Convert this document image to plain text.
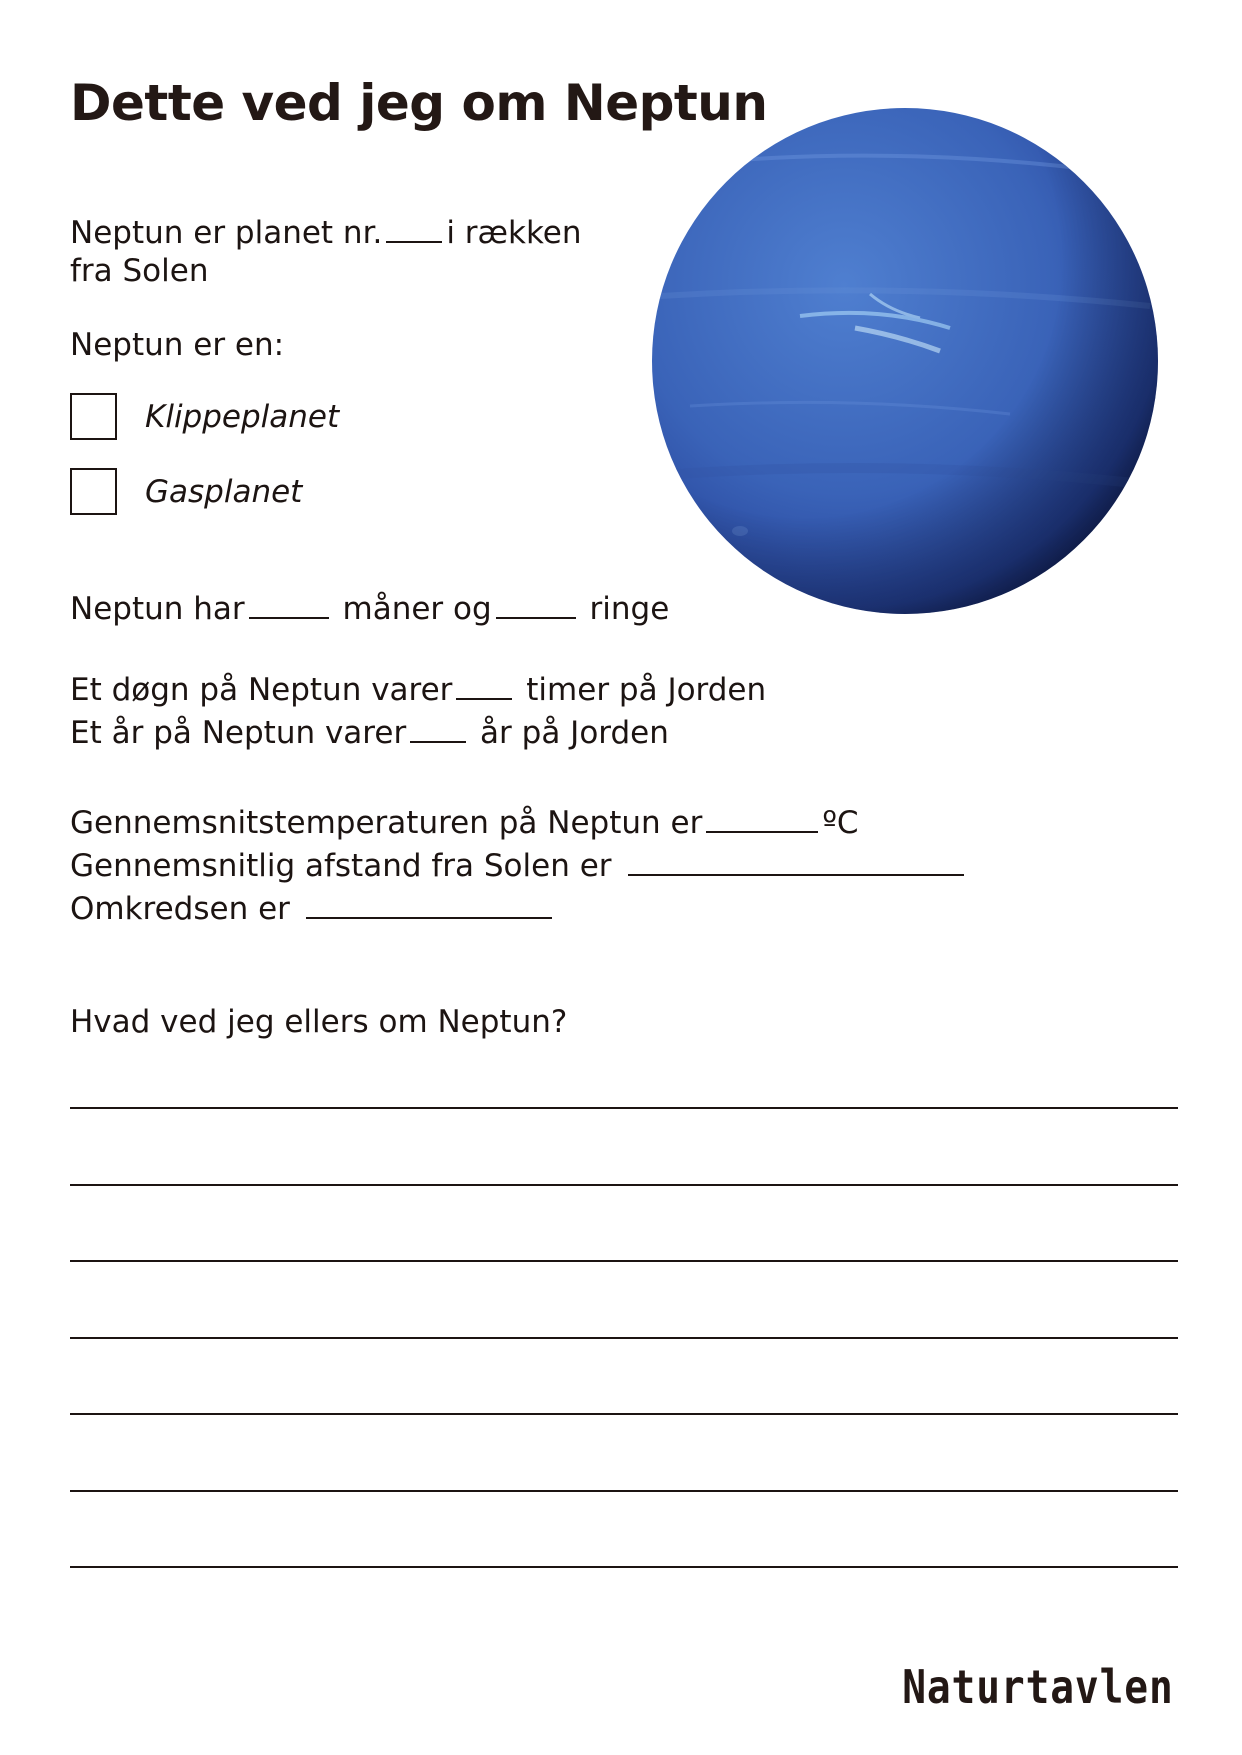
Dette ved jeg om Neptun
Neptun er planet nr. i rækken
fra Solen
Neptun er en:
Klippeplanet
Gasplanet
Neptun har	måner og	ringe
Et døgn på Neptun varer timer på Jorden
Et år på Neptun varer år på Jorden
Gennemsnitstemperaturen på Neptun er	ºC
Gennemsnitlig afstand fra Solen er
Omkredsen er
Hvad ved jeg ellers om Neptun?
Naturtavlen
